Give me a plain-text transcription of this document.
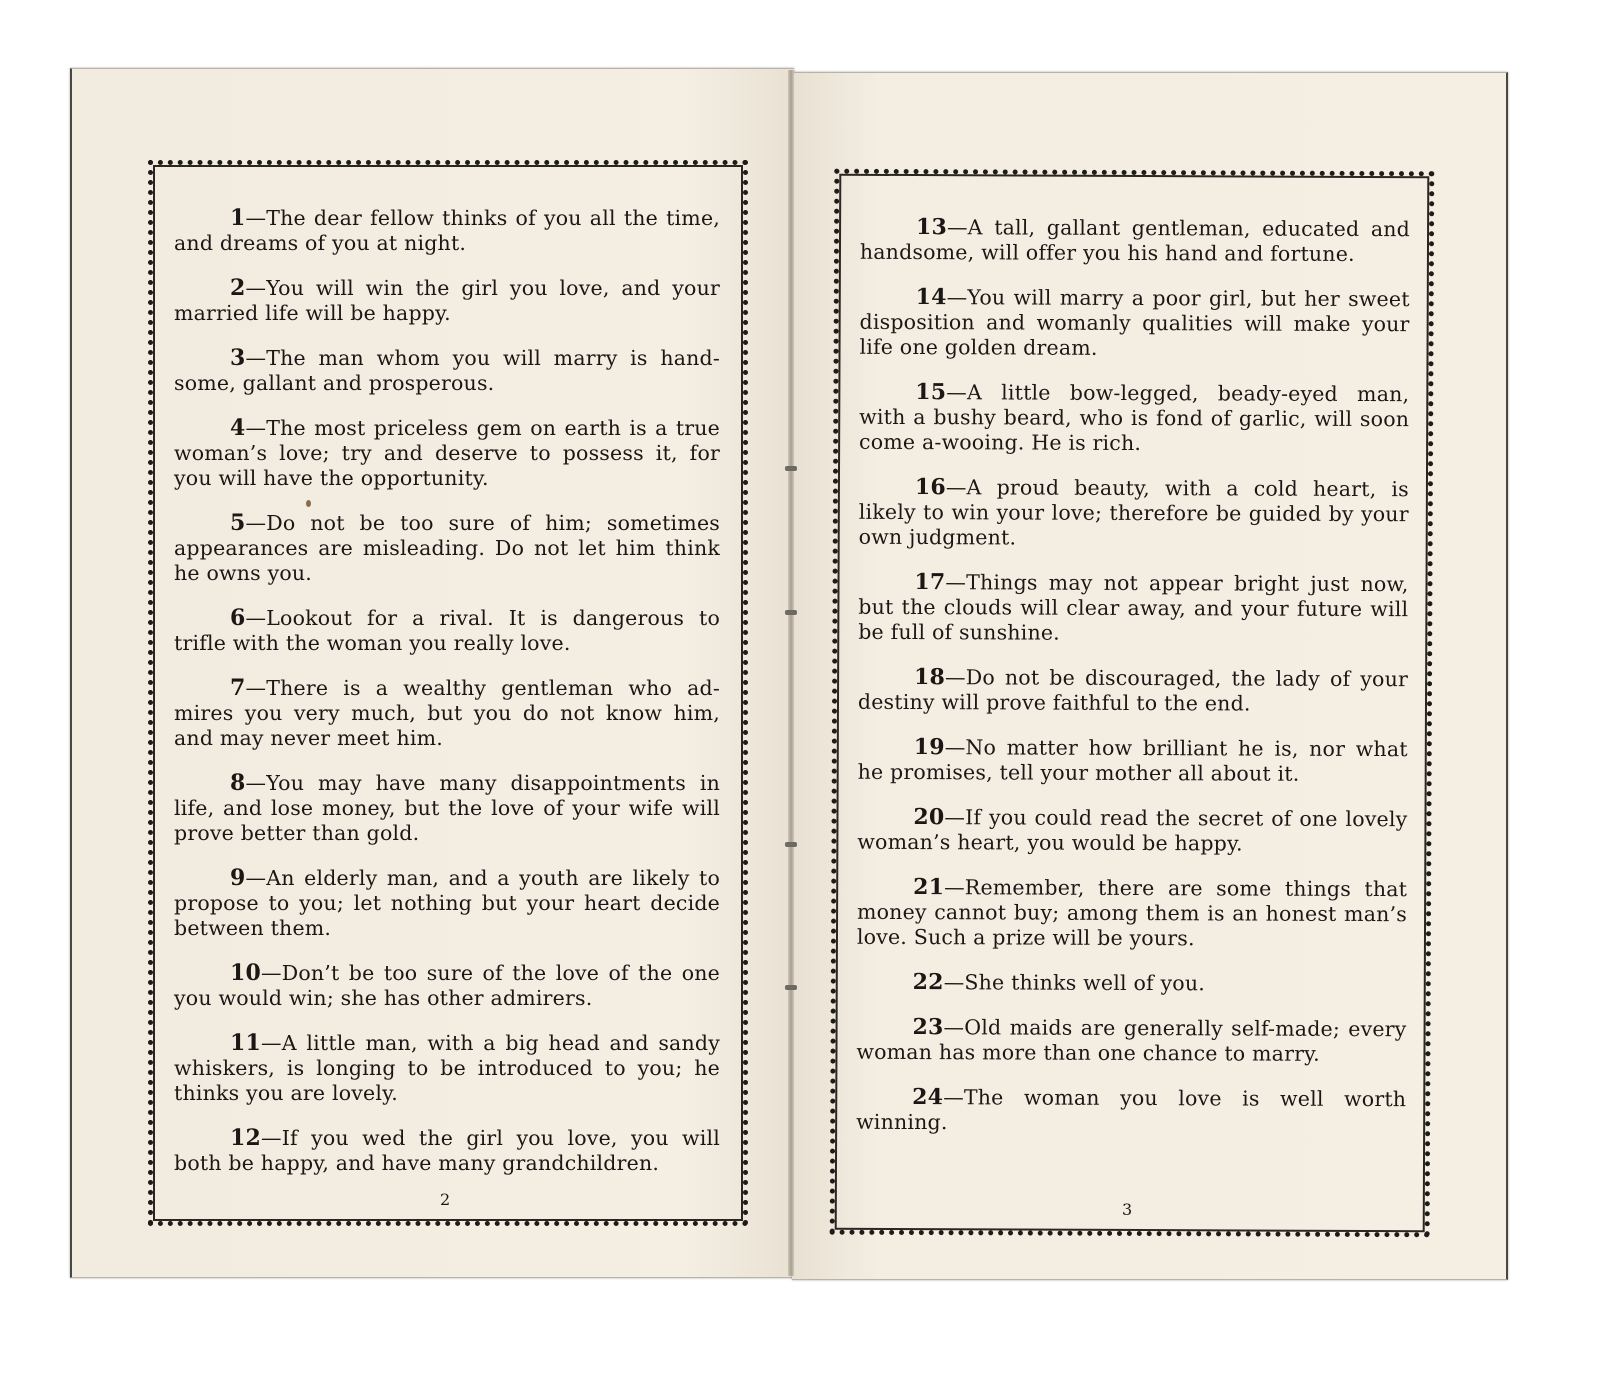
1—The dear fellow thinks of you all the time, and dreams of you at night.

2—You will win the girl you love, and your married life will be happy.

3—The man whom you will marry is hand-some, gallant and prosperous.

4—The most priceless gem on earth is a true woman’s love; try and deserve to possess it, for you will have the opportunity.

5—Do not be too sure of him; sometimes appearances are misleading. Do not let him think he owns you.

6—Lookout for a rival. It is dangerous to trifle with the woman you really love.

7—There is a wealthy gentleman who ad-mires you very much, but you do not know him, and may never meet him.

8—You may have many disappointments in life, and lose money, but the love of your wife will prove better than gold.

9—An elderly man, and a youth are likely to propose to you; let nothing but your heart decide between them.

10—Don’t be too sure of the love of the one you would win; she has other admirers.

11—A little man, with a big head and sandy whiskers, is longing to be introduced to you; he thinks you are lovely.

12—If you wed the girl you love, you will both be happy, and have many grandchildren.

13—A tall, gallant gentleman, educated and handsome, will offer you his hand and fortune.

14—You will marry a poor girl, but her sweet disposition and womanly qualities will make your life one golden dream.

15—A little bow-legged, beady-eyed man, with a bushy beard, who is fond of garlic, will soon come a-wooing. He is rich.

16—A proud beauty, with a cold heart, is likely to win your love; therefore be guided by your own judgment.

17—Things may not appear bright just now, but the clouds will clear away, and your future will be full of sunshine.

18—Do not be discouraged, the lady of your destiny will prove faithful to the end.

19—No matter how brilliant he is, nor what he promises, tell your mother all about it.

20—If you could read the secret of one lovely woman’s heart, you would be happy.

21—Remember, there are some things that money cannot buy; among them is an honest man’s love. Such a prize will be yours.

22—She thinks well of you.

23—Old maids are generally self-made; every woman has more than one chance to marry.

24—The woman you love is well worth winning.

2
3
